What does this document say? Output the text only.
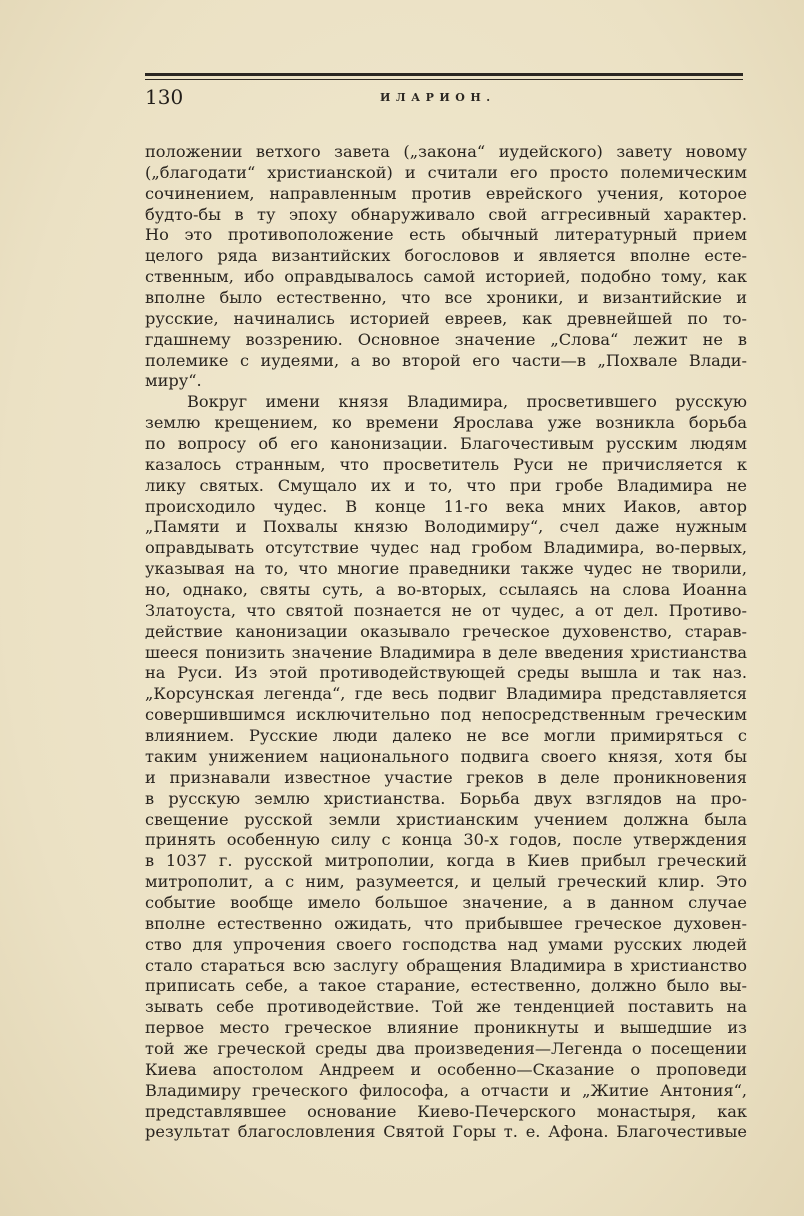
130	ИЛАРИОН.
положении ветхого завета („закона“ иудейского) завету новому
(„благодати“ христианской) и считали его просто полемическим
сочинением, направленным против еврейского учения, которое
будто-бы в ту эпоху обнаруживало свой аггресивный характер.
Но это противоположение есть обычный литературный прием
целого ряда византийских богословов и является вполне есте-
ственным, ибо оправдывалось самой историей, подобно тому, как
вполне было естественно, что все хроники, и византийские и
русские, начинались историей евреев, как древнейшей по то-
гдашнему воззрению. Основное значение „Слова“ лежит не в
полемике с иудеями, а во второй его части—в „Похвале Влади-
миру“.
Вокруг имени князя Владимира, просветившего русскую
землю крещением, ко времени Ярослава уже возникла борьба
по вопросу об его канонизации. Благочестивым русским людям
казалось странным, что просветитель Руси не причисляется к
лику святых. Смущало их и то, что при гробе Владимира не
происходило чудес. В конце 11-го века мних Иаков, автор
„Памяти и Похвалы князю Володимиру“, счел даже нужным
оправдывать отсутствие чудес над гробом Владимира, во-первых,
указывая на то, что многие праведники также чудес не творили,
но, однако, святы суть, а во-вторых, ссылаясь на слова Иоанна
Златоуста, что святой познается не от чудес, а от дел. Противо-
действие канонизации оказывало греческое духовенство, старав-
шееся понизить значение Владимира в деле введения христианства
на Руси. Из этой противодействующей среды вышла и так наз.
„Корсунская легенда“, где весь подвиг Владимира представляется
совершившимся исключительно под непосредственным греческим
влиянием. Русские люди далеко не все могли примиряться с
таким унижением национального подвига своего князя, хотя бы
и признавали известное участие греков в деле проникновения
в русскую землю христианства. Борьба двух взглядов на про-
свещение русской земли христианским учением должна была
принять особенную силу с конца 30-х годов, после утверждения
в 1037 г. русской митрополии, когда в Киев прибыл греческий
митрополит, а с ним, разумеется, и целый греческий клир. Это
событие вообще имело большое значение, а в данном случае
вполне естественно ожидать, что прибывшее греческое духовен-
ство для упрочения своего господства над умами русских людей
стало стараться всю заслугу обращения Владимира в христианство
приписать себе, а такое старание, естественно, должно было вы-
зывать себе противодействие. Той же тенденцией поставить на
первое место греческое влияние проникнуты и вышедшие из
той же греческой среды два произведения—Легенда о посещении
Киева апостолом Андреем и особенно—Сказание о проповеди
Владимиру греческого философа, а отчасти и „Житие Антония“,
представлявшее основание Киево-Печерского монастыря, как
результат благословления Святой Горы т. е. Афона. Благочестивые
